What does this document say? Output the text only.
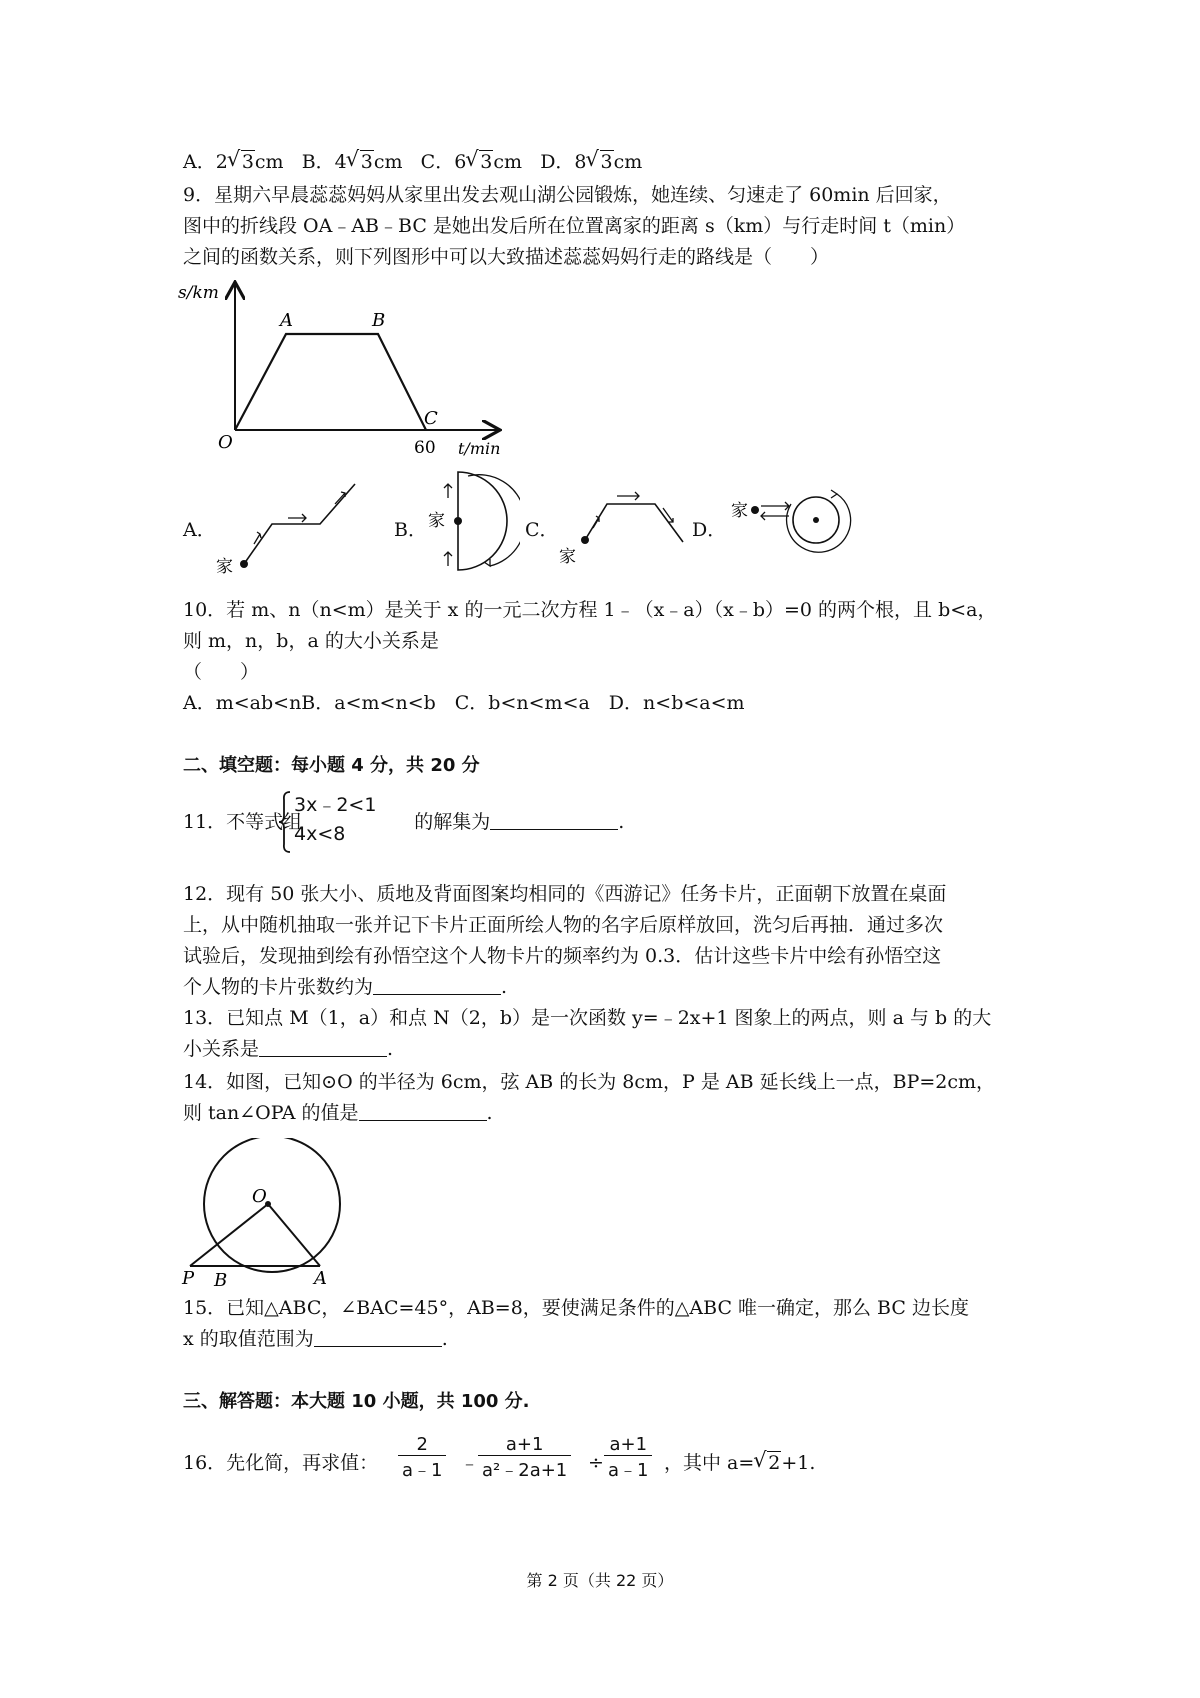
A．2 √ 3cm B．4 √ 3cm C．6 √ 3cm D．8 √ 3cm
9．星期六早晨蕊蕊妈妈从家里出发去观山湖公园锻炼，她连续、匀速走了 60min 后回家，
图中的折线段 OA﹣AB﹣BC 是她出发后所在位置离家的距离 s（km）与行走时间 t（min）
之间的函数关系，则下列图形中可以大致描述蕊蕊妈妈行走的路线是（　　）
s/km
O
A	B
C
60 t/min
A．
家
B． 家	C．
家
D．
家
10．若 m、n（n<m）是关于 x 的一元二次方程 1﹣（x﹣a）（x﹣b）=0 的两个根，且 b<a，
则 m，n，b，a 的大小关系是
（　　）
A．m<ab<nB．a<m<n<b　C．b<n<m<a　D．n<b<a<m
二、填空题：每小题 4 分，共 20 分
11．不等式组	的解集为	.
3x﹣2<1
4x<8
12．现有 50 张大小、质地及背面图案均相同的《西游记》任务卡片，正面朝下放置在桌面
上，从中随机抽取一张并记下卡片正面所绘人物的名字后原样放回，洗匀后再抽．通过多次
试验后，发现抽到绘有孙悟空这个人物卡片的频率约为 0.3．估计这些卡片中绘有孙悟空这
个人物的卡片张数约为	.
13．已知点 M（1，a）和点 N（2，b）是一次函数 y=﹣2x+1 图象上的两点，则 a 与 b 的大
小关系是	.
14．如图，已知⊙O 的半径为 6cm，弦 AB 的长为 8cm，P 是 AB 延长线上一点，BP=2cm，
则 tan∠OPA 的值是	.
O
P B	A
15．已知△ABC，∠BAC=45°，AB=8，要使满足条件的△ABC 唯一确定，那么 BC 边长度
x 的取值范围为	.
三、解答题：本大题 10 小题，共 100 分.
16．先化简，再求值： $\frac{2}{a﹣1}$ ﹣
$\frac{a+1}{\text{a²﹣2a+1}} \div \frac{a+1}{a﹣1}$ ，其中 a= √ 2+1.
第 2 页（共 22 页）
